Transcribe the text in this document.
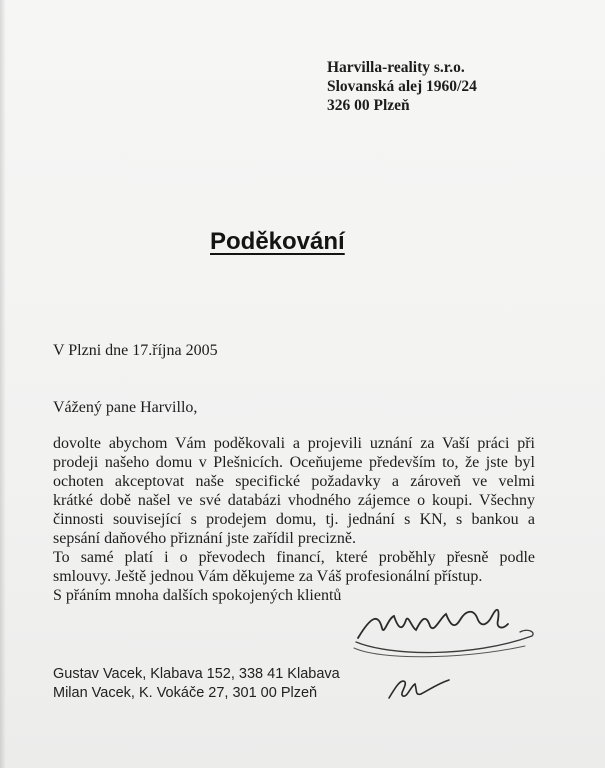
Harvilla-reality s.r.o.
Slovanská alej 1960/24
326 00 Plzeň
Poděkování
V Plzni dne 17.října 2005
Vážený pane Harvillo,
dovolte abychom Vám poděkovali a projevili uznání za Vaší práci při
prodeji našeho domu v Plešnicích. Oceňujeme především to, že jste byl
ochoten akceptovat naše specifické požadavky a zároveň ve velmi
krátké době našel ve své databázi vhodného zájemce o koupi. Všechny
činnosti související s prodejem domu, tj. jednání s KN, s bankou a
sepsání daňového přiznání jste zařídil precizně.
To samé platí i o převodech financí, které proběhly přesně podle
smlouvy. Ještě jednou Vám děkujeme za Váš profesionální přístup.
S přáním mnoha dalších spokojených klientů
Gustav Vacek, Klabava 152, 338 41 Klabava
Milan Vacek, K. Vokáče 27, 301 00 Plzeň
